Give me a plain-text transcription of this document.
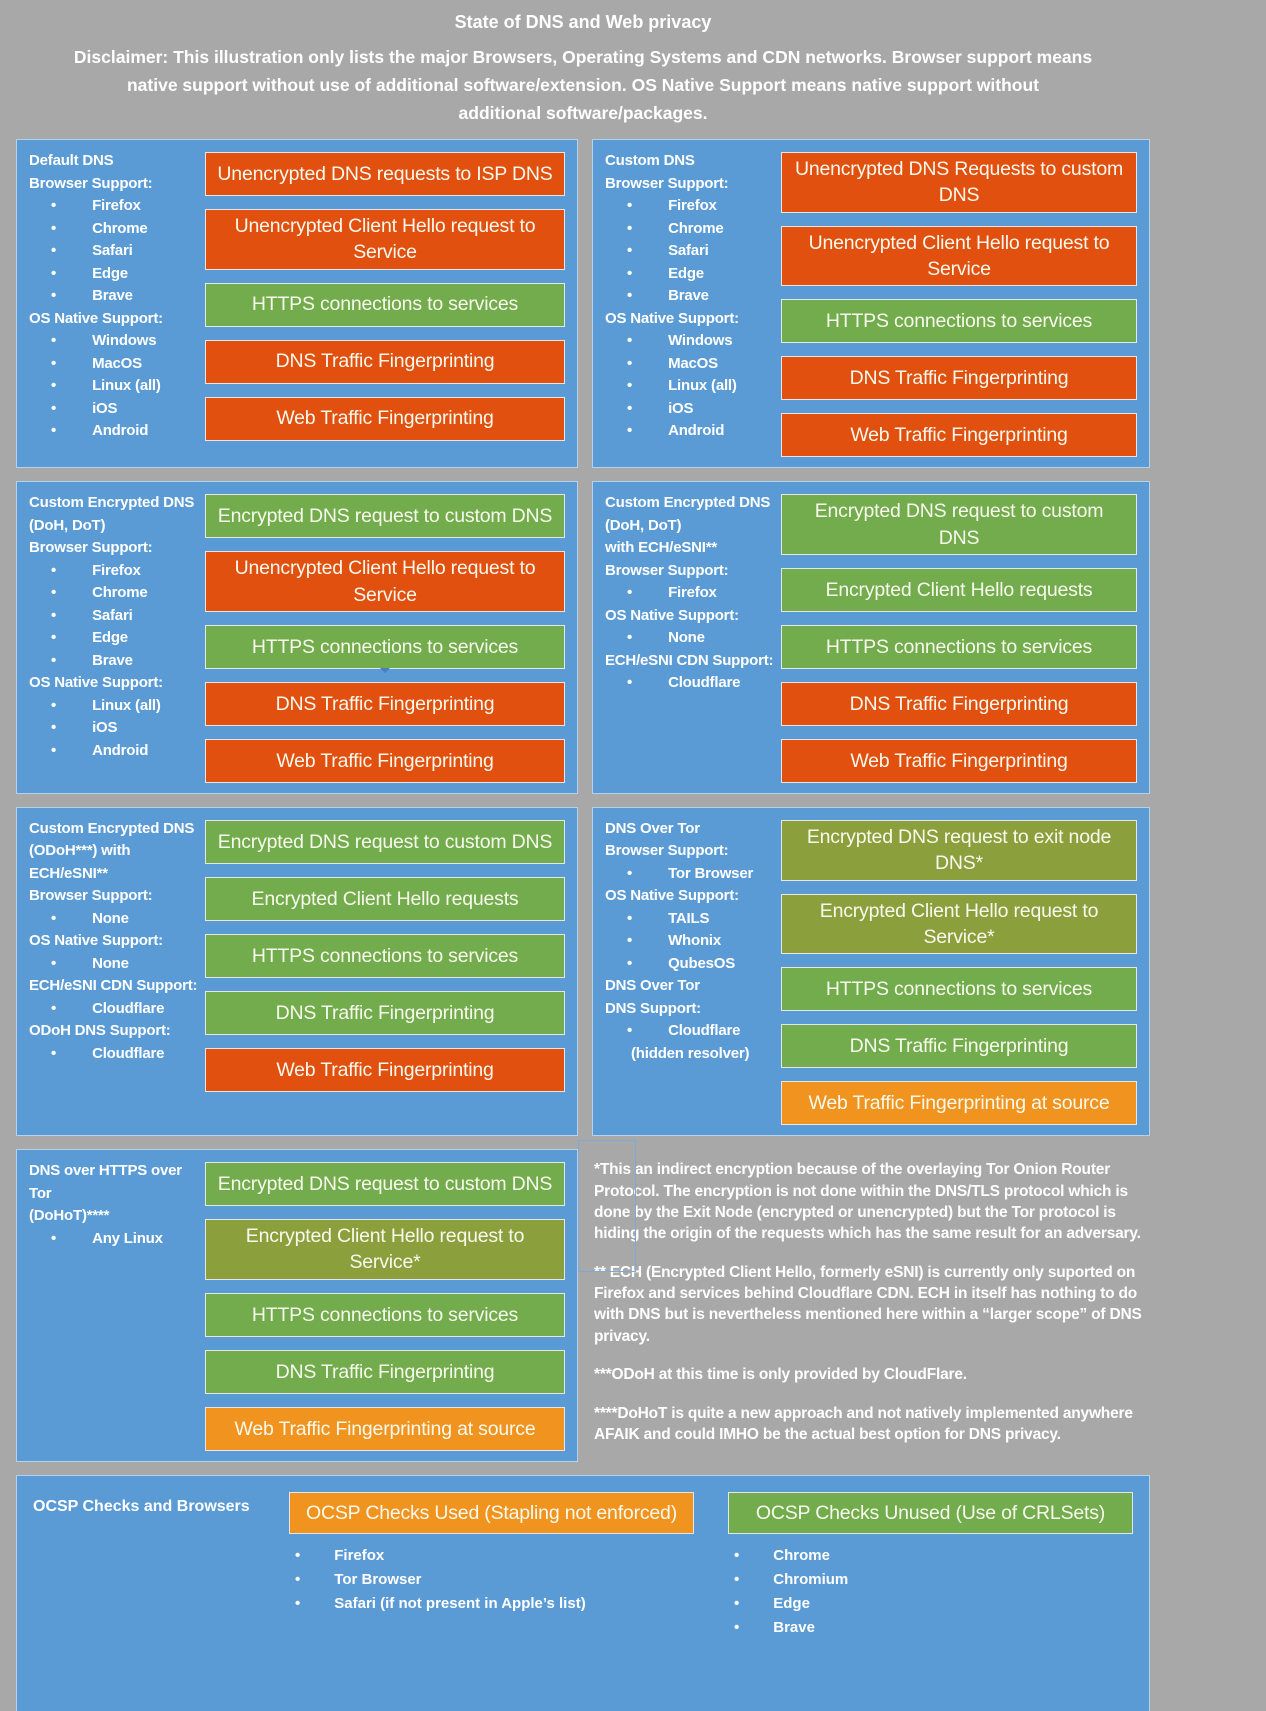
State of DNS and Web privacy
Disclaimer: This illustration only lists the major Browsers, Operating Systems and CDN networks. Browser support means
native support without use of additional software/extension. OS Native Support means native support without
additional software/packages.
Default DNS
Browser Support:
• Firefox
• Chrome
• Safari
• Edge
• Brave
OS Native Support:
• Windows
• MacOS
• Linux (all)
• iOS
• Android
Unencrypted DNS requests to ISP DNS
Unencrypted Client Hello request to Service
HTTPS connections to services
DNS Traffic Fingerprinting
Web Traffic Fingerprinting
Custom DNS
Browser Support:
• Firefox
• Chrome
• Safari
• Edge
• Brave
OS Native Support:
• Windows
• MacOS
• Linux (all)
• iOS
• Android
Unencrypted DNS Requests to custom DNS
Unencrypted Client Hello request to Service
HTTPS connections to services
DNS Traffic Fingerprinting
Web Traffic Fingerprinting
Custom Encrypted DNS
(DoH, DoT)
Browser Support:
• Firefox
• Chrome
• Safari
• Edge
• Brave
OS Native Support:
• Linux (all)
• iOS
• Android
Encrypted DNS request to custom DNS
Unencrypted Client Hello request to Service
HTTPS connections to services
DNS Traffic Fingerprinting
Web Traffic Fingerprinting
Custom Encrypted DNS
(DoH, DoT)
with ECH/eSNI**
Browser Support:
• Firefox
OS Native Support:
• None
ECH/eSNI CDN Support:
• Cloudflare
Encrypted DNS request to custom DNS
Encrypted Client Hello requests
HTTPS connections to services
DNS Traffic Fingerprinting
Web Traffic Fingerprinting
Custom Encrypted DNS
(ODoH***) with
ECH/eSNI**
Browser Support:
• None
OS Native Support:
• None
ECH/eSNI CDN Support:
• Cloudflare
ODoH DNS Support:
• Cloudflare
Encrypted DNS request to custom DNS
Encrypted Client Hello requests
HTTPS connections to services
DNS Traffic Fingerprinting
Web Traffic Fingerprinting
DNS Over Tor
Browser Support:
• Tor Browser
OS Native Support:
• TAILS
• Whonix
• QubesOS
DNS Over Tor
DNS Support:
• Cloudflare
(hidden resolver)
Encrypted DNS request to exit node DNS*
Encrypted Client Hello request to Service*
HTTPS connections to services
DNS Traffic Fingerprinting
Web Traffic Fingerprinting at source
DNS over HTTPS over Tor
(DoHoT)****
• Any Linux
Encrypted DNS request to custom DNS
Encrypted Client Hello request to Service*
HTTPS connections to services
DNS Traffic Fingerprinting
Web Traffic Fingerprinting at source

*This an indirect encryption because of the overlaying Tor Onion Router Protocol. The encryption is not done within the DNS/TLS protocol which is done by the Exit Node (encrypted or unencrypted) but the Tor protocol is hiding the origin of the requests which has the same result for an adversary.

** ECH (Encrypted Client Hello, formerly eSNI) is currently only suported on Firefox and services behind Cloudflare CDN. ECH in itself has nothing to do with DNS but is nevertheless mentioned here within a “larger scope” of DNS privacy.

***ODoH at this time is only provided by CloudFlare.

****DoHoT is quite a new approach and not natively implemented anywhere AFAIK and could IMHO be the actual best option for DNS privacy.

OCSP Checks and Browsers	OCSP Checks Used (Stapling not enforced)
• Firefox
• Tor Browser
• Safari (if not present in Apple’s list)
OCSP Checks Unused (Use of CRLSets)
• Chrome
• Chromium
• Edge
• Brave
